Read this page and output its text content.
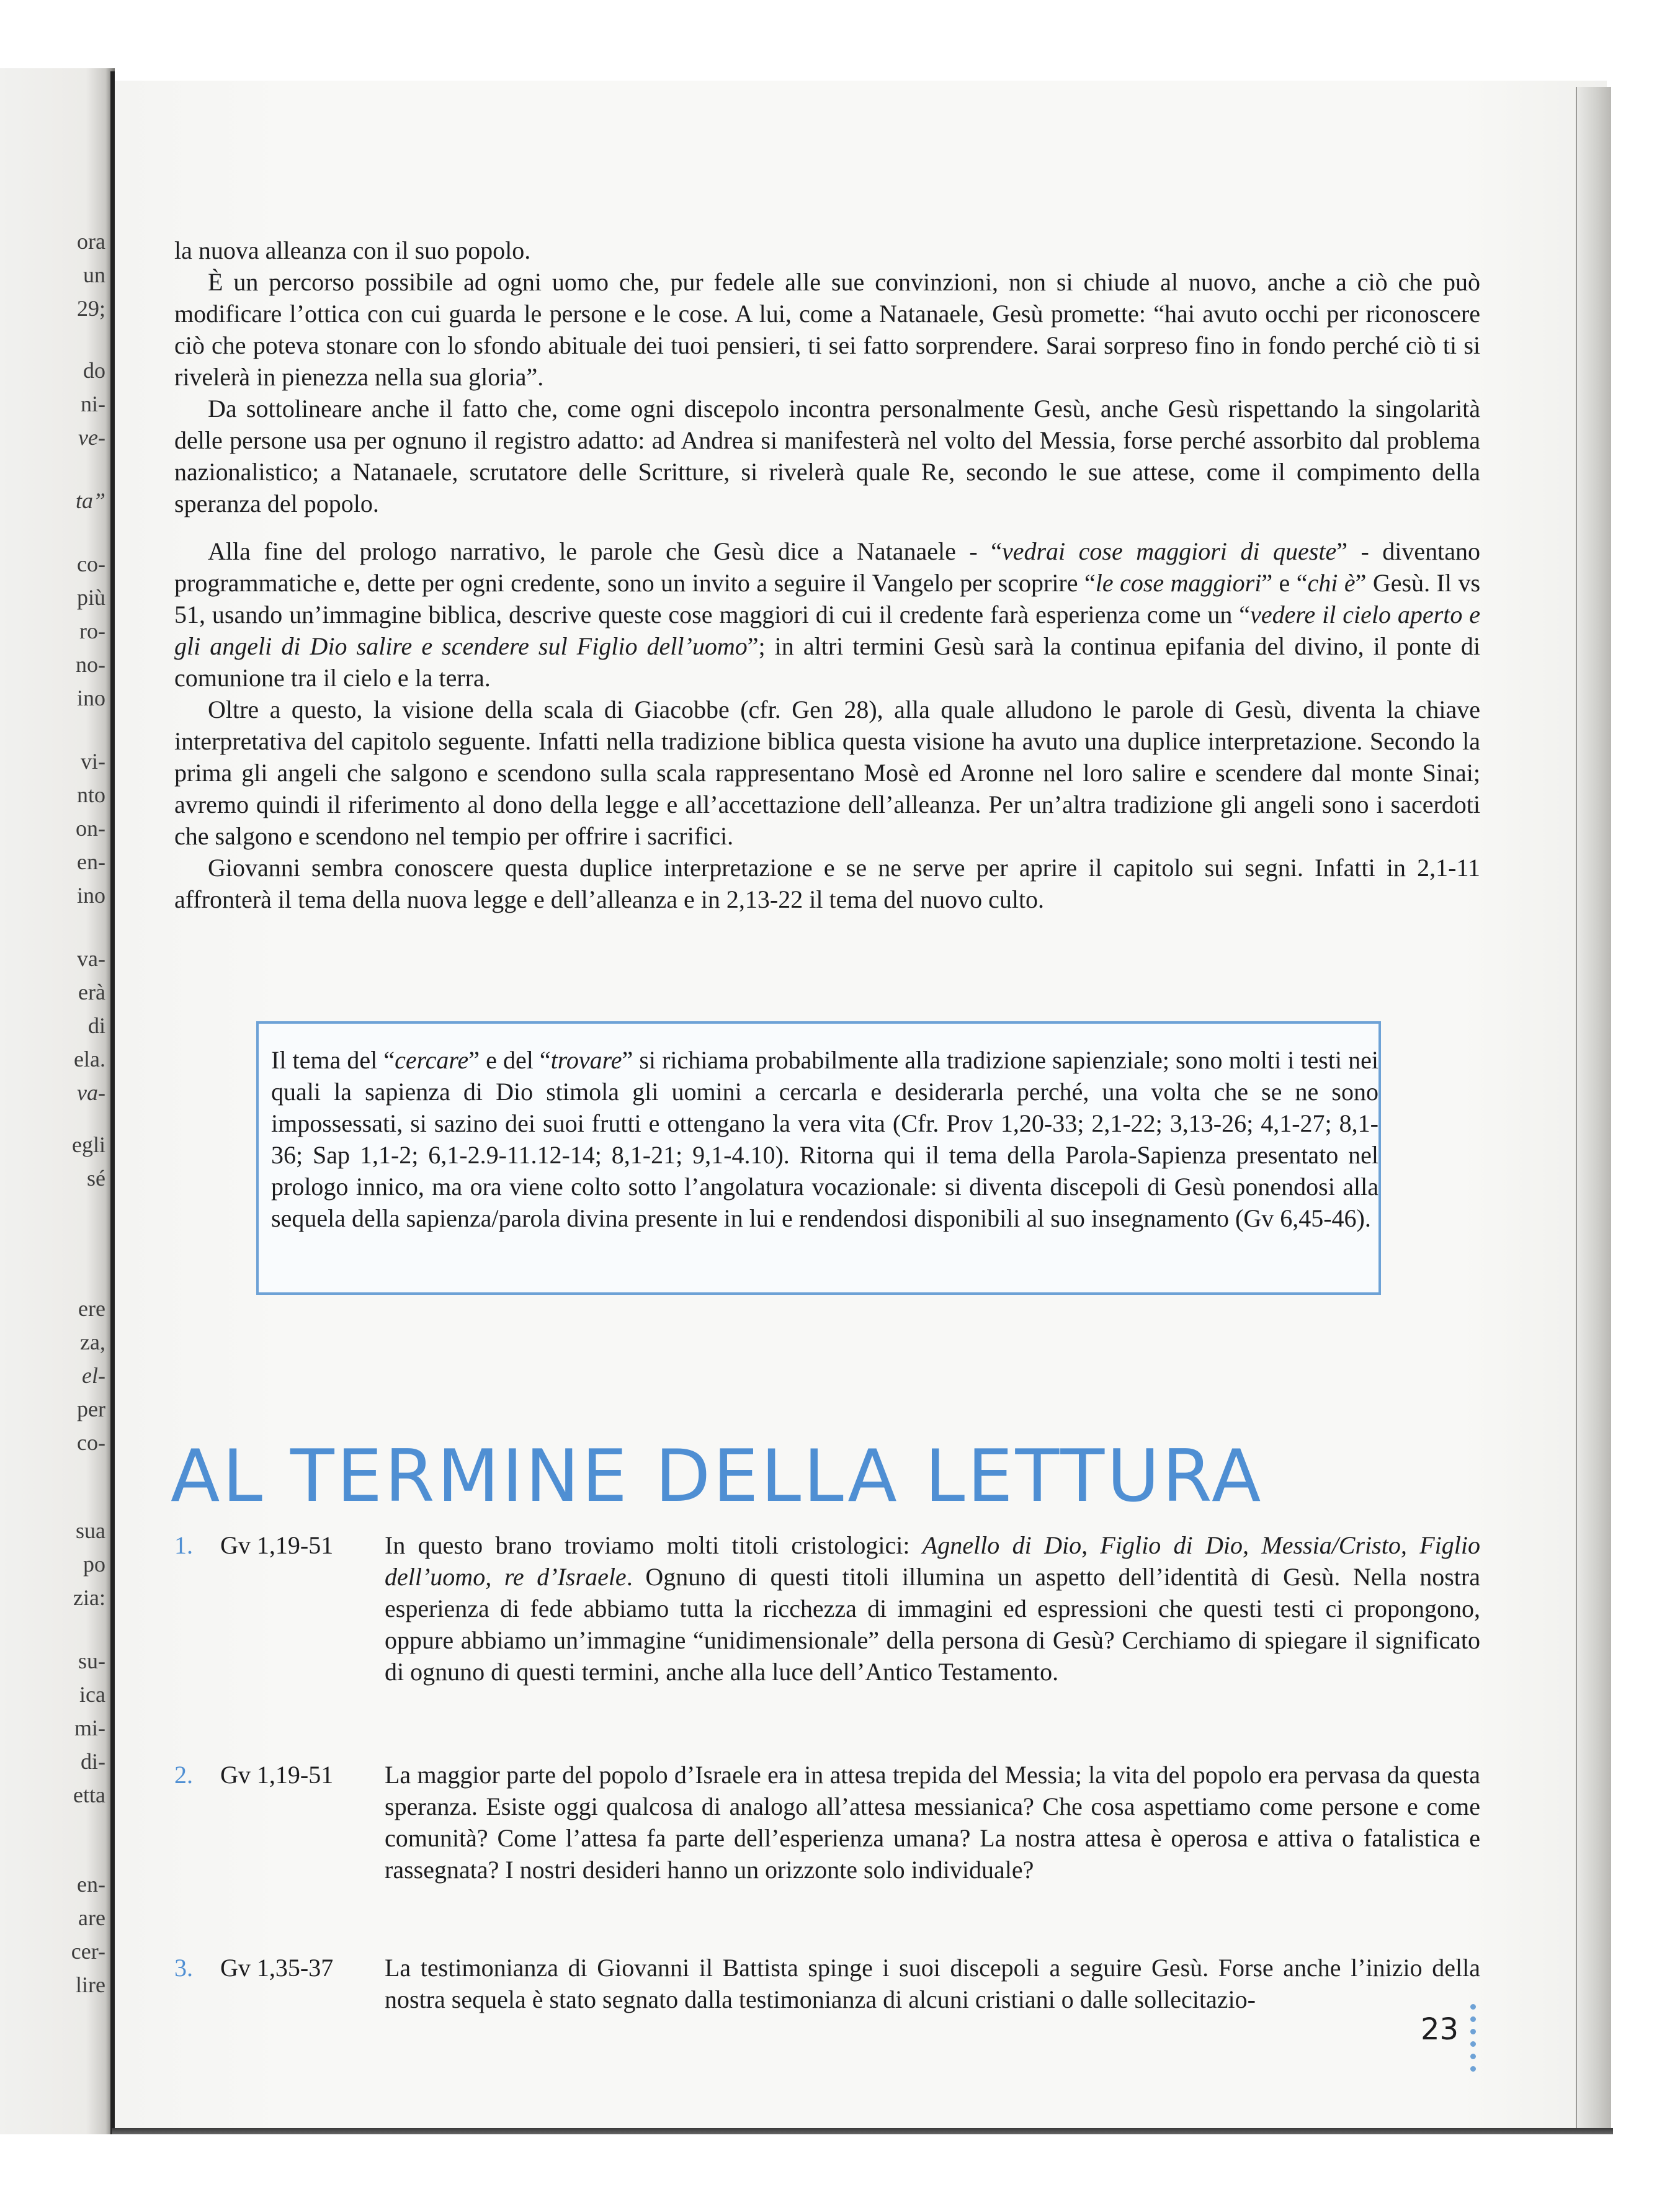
ora
un
29;
do
ni-
ve-
ta”
co-
più
ro-
no-
ino
vi-
nto
on-
en-
ino
va-
erà
di
ela.
va-
egli
sé
ere
za,
el-
per
co-
sua
po
zia:
su-
ica
mi-
di-
etta
en-
are
cer-
lire

la nuova alleanza con il suo popolo.

È un percorso possibile ad ogni uomo che, pur fedele alle sue convinzioni, non si chiude al nuovo, anche a ciò che può modificare l’ottica con cui guarda le persone e le cose. A lui, come a Natanaele, Gesù promette: “hai avuto occhi per riconoscere ciò che poteva stonare con lo sfondo abituale dei tuoi pensieri, ti sei fatto sorprendere. Sarai sorpreso fino in fondo perché ciò ti si rivelerà in pienezza nella sua gloria”.

Da sottolineare anche il fatto che, come ogni discepolo incontra personalmente Gesù, anche Gesù rispettando la singolarità delle persone usa per ognuno il registro adatto: ad Andrea si manifesterà nel volto del Messia, forse perché assorbito dal problema nazionalistico; a Natanaele, scrutatore delle Scritture, si rivelerà quale Re, secondo le sue attese, come il compimento della speranza del popolo.

Alla fine del prologo narrativo, le parole che Gesù dice a Natanaele - “vedrai cose maggiori di queste” - diventano programmatiche e, dette per ogni credente, sono un invito a seguire il Vangelo per scoprire “le cose maggiori” e “chi è” Gesù. Il vs 51, usando un’immagine biblica, descrive queste cose maggiori di cui il credente farà esperienza come un “vedere il cielo aperto e gli angeli di Dio salire e scendere sul Figlio dell’uomo”; in altri termini Gesù sarà la continua epifania del divino, il ponte di comunione tra il cielo e la terra.

Oltre a questo, la visione della scala di Giacobbe (cfr. Gen 28), alla quale alludono le parole di Gesù, diventa la chiave interpretativa del capitolo seguente. Infatti nella tradizione biblica questa visione ha avuto una duplice interpretazione. Secondo la prima gli angeli che salgono e scendono sulla scala rappresentano Mosè ed Aronne nel loro salire e scendere dal monte Sinai; avremo quindi il riferimento al dono della legge e all’accettazione dell’alleanza. Per un’altra tradizione gli angeli sono i sacerdoti che salgono e scendono nel tempio per offrire i sacrifici.

Giovanni sembra conoscere questa duplice interpretazione e se ne serve per aprire il capitolo sui segni. Infatti in 2,1-11 affronterà il tema della nuova legge e dell’alleanza e in 2,13-22 il tema del nuovo culto.

Il tema del “cercare” e del “trovare” si richiama probabilmente alla tradizione sapienziale; sono molti i testi nei quali la sapienza di Dio stimola gli uomini a cercarla e desiderarla perché, una volta che se ne sono impossessati, si sazino dei suoi frutti e ottengano la vera vita (Cfr. Prov 1,20-33; 2,1-22; 3,13-26; 4,1-27; 8,1-36; Sap 1,1-2; 6,1-2.9-11.12-14; 8,1-21; 9,1-4.10). Ritorna qui il tema della Parola-Sapienza presentato nel prologo innico, ma ora viene colto sotto l’angolatura vocazionale: si diventa discepoli di Gesù ponendosi alla sequela della sapienza/parola divina presente in lui e rendendosi disponibili al suo insegnamento (Gv 6,45-46).

AL TERMINE DELLA LETTURA
1. Gv 1,19-51 In questo brano troviamo molti titoli cristologici: Agnello di Dio, Figlio di Dio, Messia/Cristo, Figlio dell’uomo, re d’Israele. Ognuno di questi titoli illumina un aspetto dell’identità di Gesù. Nella nostra esperienza di fede abbiamo tutta la ricchezza di immagini ed espressioni che questi testi ci propongono, oppure abbiamo un’immagine “unidimensionale” della persona di Gesù? Cerchiamo di spiegare il significato di ognuno di questi termini, anche alla luce dell’Antico Testamento.
2. Gv 1,19-51 La maggior parte del popolo d’Israele era in attesa trepida del Messia; la vita del popolo era pervasa da questa speranza. Esiste oggi qualcosa di analogo all’attesa messianica? Che cosa aspettiamo come persone e come comunità? Come l’attesa fa parte dell’esperienza umana? La nostra attesa è operosa e attiva o fatalistica e rassegnata? I nostri desideri hanno un orizzonte solo individuale?
3. Gv 1,35-37 La testimonianza di Giovanni il Battista spinge i suoi discepoli a seguire Gesù. Forse anche l’inizio della nostra sequela è stato segnato dalla testimonianza di alcuni cristiani o dalle sollecitazio-
23
